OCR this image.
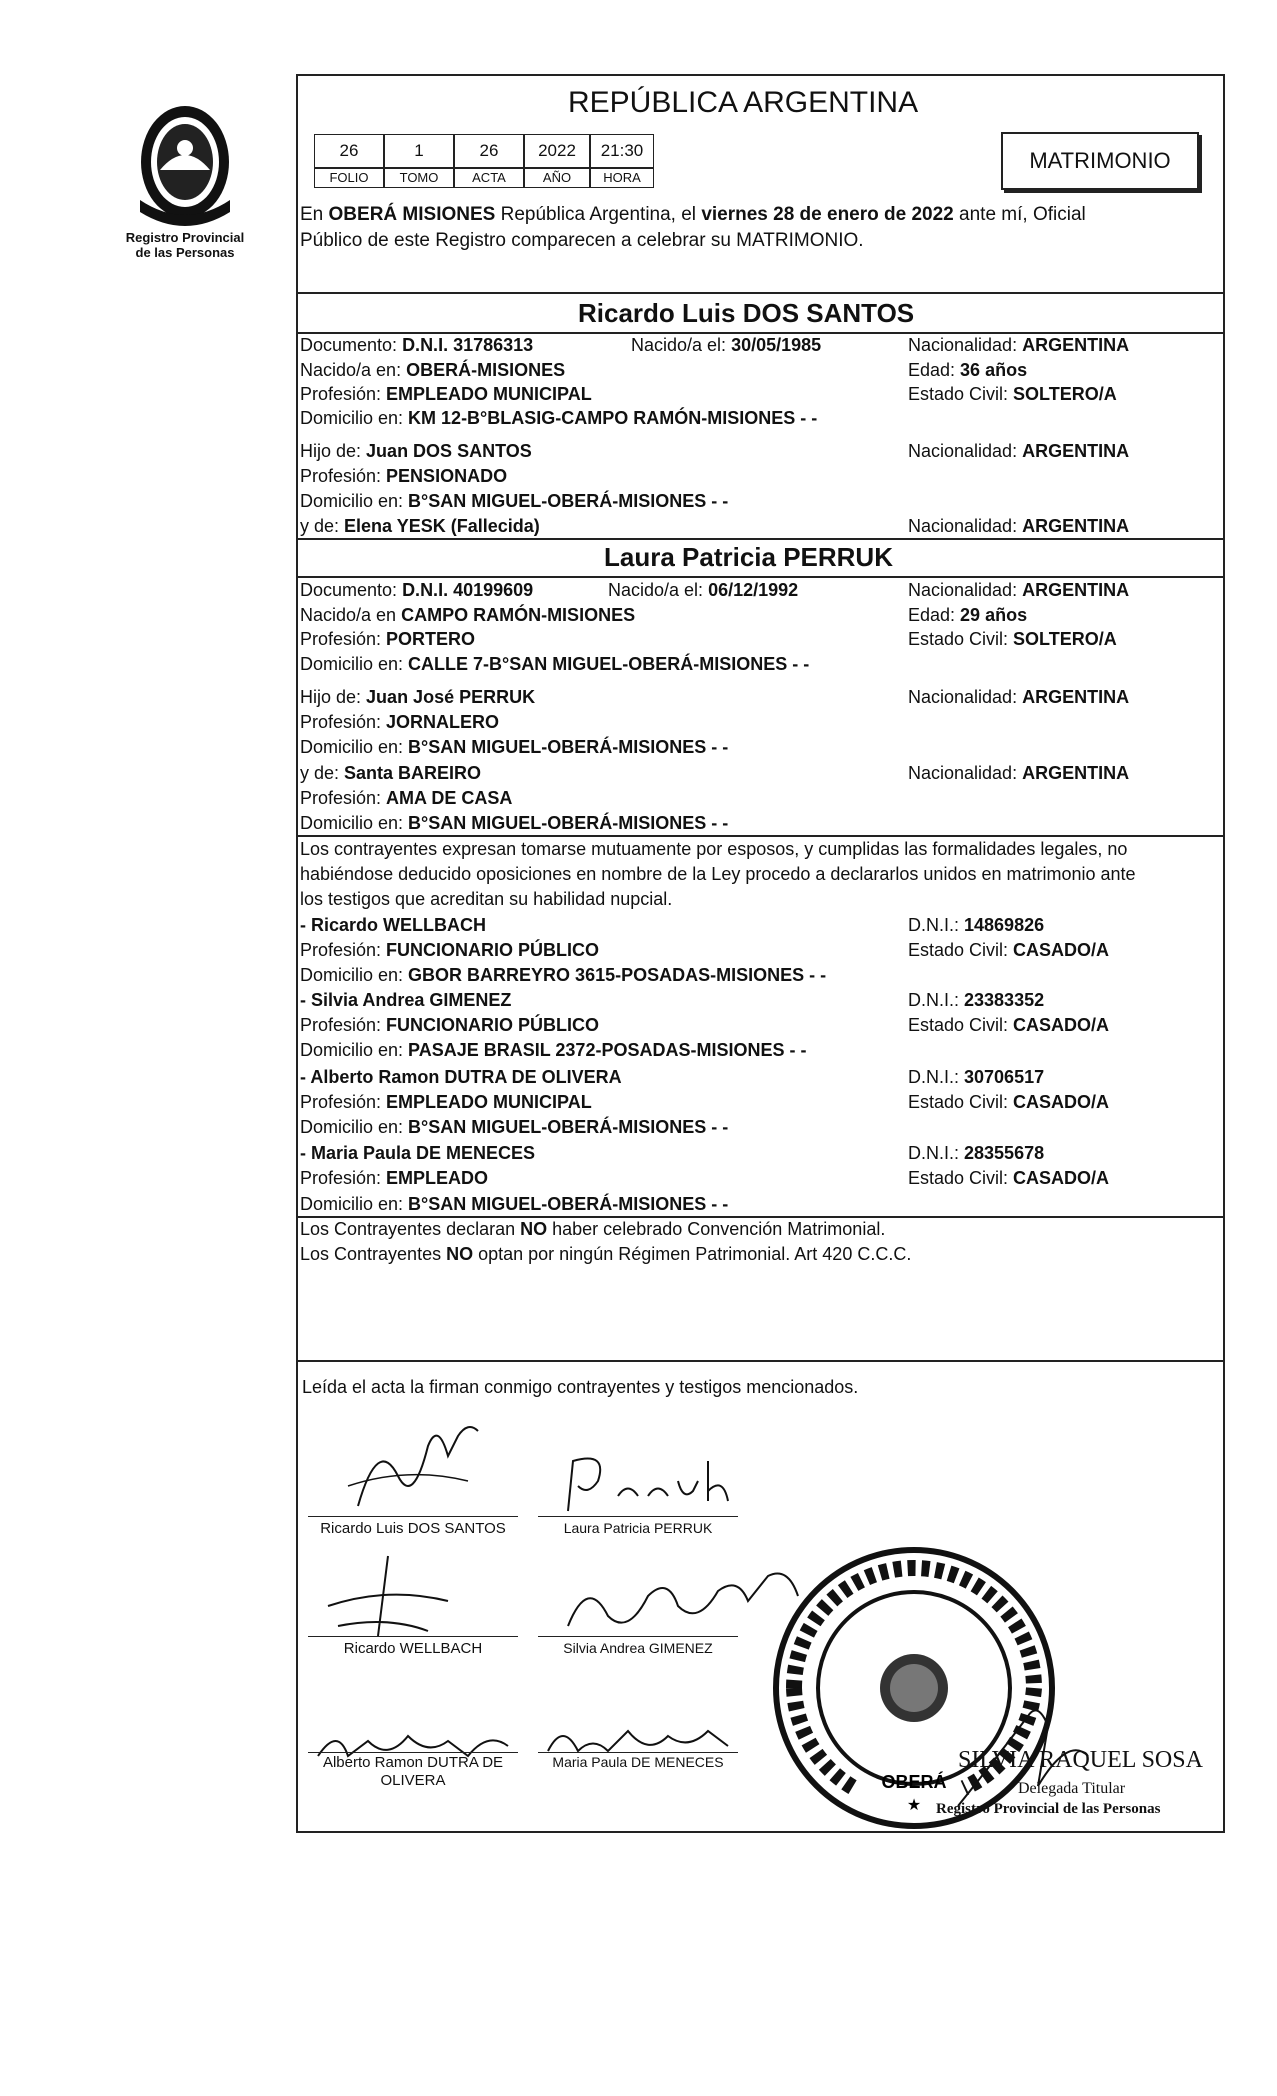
Registro Provincial
de las Personas
REPÚBLICA ARGENTINA
26	1	26	2022	21:30
FOLIO	TOMO	ACTA	AÑO	HORA
MATRIMONIO
En OBERÁ MISIONES República Argentina, el viernes 28 de enero de 2022 ante mí, Oficial
Público de este Registro comparecen a celebrar su MATRIMONIO.
Ricardo Luis DOS SANTOS
Documento: D.N.I. 31786313	Nacido/a el: 30/05/1985	Nacionalidad: ARGENTINA
Nacido/a en: OBERÁ-MISIONES	Edad: 36 años
Profesión: EMPLEADO MUNICIPAL	Estado Civil: SOLTERO/A
Domicilio en: KM 12-B°BLASIG-CAMPO RAMÓN-MISIONES - -
Hijo de: Juan DOS SANTOS	Nacionalidad: ARGENTINA
Profesión: PENSIONADO
Domicilio en: B°SAN MIGUEL-OBERÁ-MISIONES - -
y de: Elena YESK (Fallecida)	Nacionalidad: ARGENTINA
Laura Patricia PERRUK
Documento: D.N.I. 40199609	Nacido/a el: 06/12/1992	Nacionalidad: ARGENTINA
Nacido/a en CAMPO RAMÓN-MISIONES	Edad: 29 años
Profesión: PORTERO	Estado Civil: SOLTERO/A
Domicilio en: CALLE 7-B°SAN MIGUEL-OBERÁ-MISIONES - -
Hijo de: Juan José PERRUK	Nacionalidad: ARGENTINA
Profesión: JORNALERO
Domicilio en: B°SAN MIGUEL-OBERÁ-MISIONES - -
y de: Santa BAREIRO	Nacionalidad: ARGENTINA
Profesión: AMA DE CASA
Domicilio en: B°SAN MIGUEL-OBERÁ-MISIONES - -
Los contrayentes expresan tomarse mutuamente por esposos, y cumplidas las formalidades legales, no
habiéndose deducido oposiciones en nombre de la Ley procedo a declararlos unidos en matrimonio ante
los testigos que acreditan su habilidad nupcial.
- Ricardo WELLBACH	D.N.I.: 14869826
Profesión: FUNCIONARIO PÚBLICO	Estado Civil: CASADO/A
Domicilio en: GBOR BARREYRO 3615-POSADAS-MISIONES - -
- Silvia Andrea GIMENEZ	D.N.I.: 23383352
Profesión: FUNCIONARIO PÚBLICO	Estado Civil: CASADO/A
Domicilio en: PASAJE BRASIL 2372-POSADAS-MISIONES - -
- Alberto Ramon DUTRA DE OLIVERA	D.N.I.: 30706517
Profesión: EMPLEADO MUNICIPAL	Estado Civil: CASADO/A
Domicilio en: B°SAN MIGUEL-OBERÁ-MISIONES - -
- Maria Paula DE MENECES	D.N.I.: 28355678
Profesión: EMPLEADO	Estado Civil: CASADO/A
Domicilio en: B°SAN MIGUEL-OBERÁ-MISIONES - -
Los Contrayentes declaran NO haber celebrado Convención Matrimonial.
Los Contrayentes NO optan por ningún Régimen Patrimonial. Art 420 C.C.C.
Leída el acta la firman conmigo contrayentes y testigos mencionados.
Ricardo Luis DOS SANTOS	Laura Patricia PERRUK
Ricardo WELLBACH	Silvia Andrea GIMENEZ
Alberto Ramon DUTRA DE
OLIVERA
Maria Paula DE MENECES
OBERÁ
★
SILVIA RAQUEL SOSA
Delegada Titular
Registro Provincial de las Personas
